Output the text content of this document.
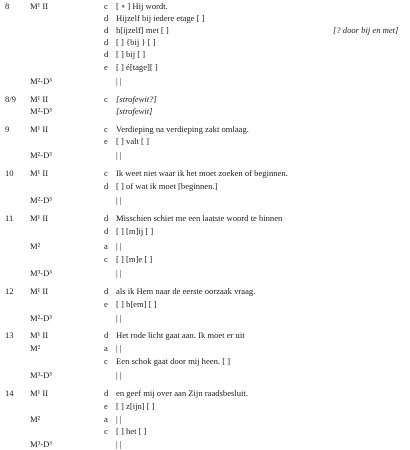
8 M¹ II	c [ ∘ ] Hij wordt.
d Hijzelf bij iedere etage [ ]
d h[ijzelf] met [ ]	[? door bij en met]
d [ ] {bij } [ ]
d [ ] bij [ ]
e [ ] é[tage][ ]
M²-D³	| |
8/9 M¹ II	c [strofewit?]
M²-D³	[strofewit]
9 M¹ II	c Verdieping na verdieping zakt omlaag.
e [ ] valt [ ]
M²-D³	| |
10 M¹ II	c Ik weet niet waar ik het moet zoeken of beginnen.
d [ ] of wat ik moet [beginnen.]
M²-D³	| |
11 M¹ II	d Misschien schiet me een laatste woord te binnen
d [ ] [m]ij [ ]
M²	a | |
c [ ] [m]e [ ]
M³-D³	| |
12 M¹ II	d als ik Hem naar de eerste oorzaak vraag.
e [ ] h[em] [ ]
M²-D³	| |
13 M¹ II	d Het rode licht gaat aan. Ik moet er uit
M²	a | |
c Een schok gaat door mij heen. [ ]
M³-D³	| |
14 M¹ II	d en geef mij over aan Zijn raadsbesluit.
e [ ] z[ijn] [ ]
M²	a | |
c [ ] het [ ]
M³-D³	| |
